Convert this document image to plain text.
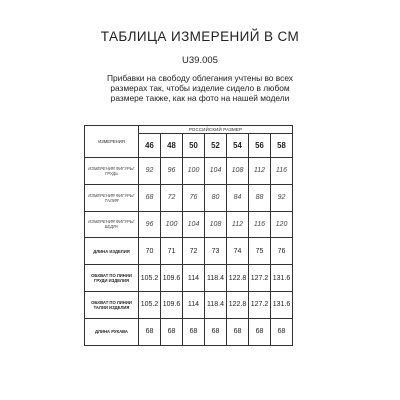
ТАБЛИЦА ИЗМЕРЕНИЙ В СМ
U39.005
Прибавки на свободу облегания учтены во всех размерах так, чтобы изделие сидело в любом размере также, как на фото на нашей модели
ИЗМЕРЕНИЯ	РОССИЙСКИЙ РАЗМЕР						
	46	48	50	52	54	56	58
ИЗМЕРЕНИЯ ФИГУРЫ: ГРУДЬ	92	96	100	104	108	112	116
ИЗМЕРЕНИЯ ФИГУРЫ: ТАЛИЯ	68	72	76	80	84	88	92
ИЗМЕРЕНИЯ ФИГУРЫ: БЕДРА	96	100	104	108	112	116	120
ДЛИНА ИЗДЕЛИЯ	70	71	72	73	74	75	76
ОБХВАТ ПО ЛИНИИ ГРУДИ ИЗДЕЛИЯ	105.2	109.6	114	118.4	122.8	127.2	131.6
ОБХВАТ ПО ЛИНИИ ТАЛИИ ИЗДЕЛИЯ	105.2	109.6	114	118.4	122.8	127.2	131.6
ДЛИНА РУКАВА	68	68	68	68	68	68	68
